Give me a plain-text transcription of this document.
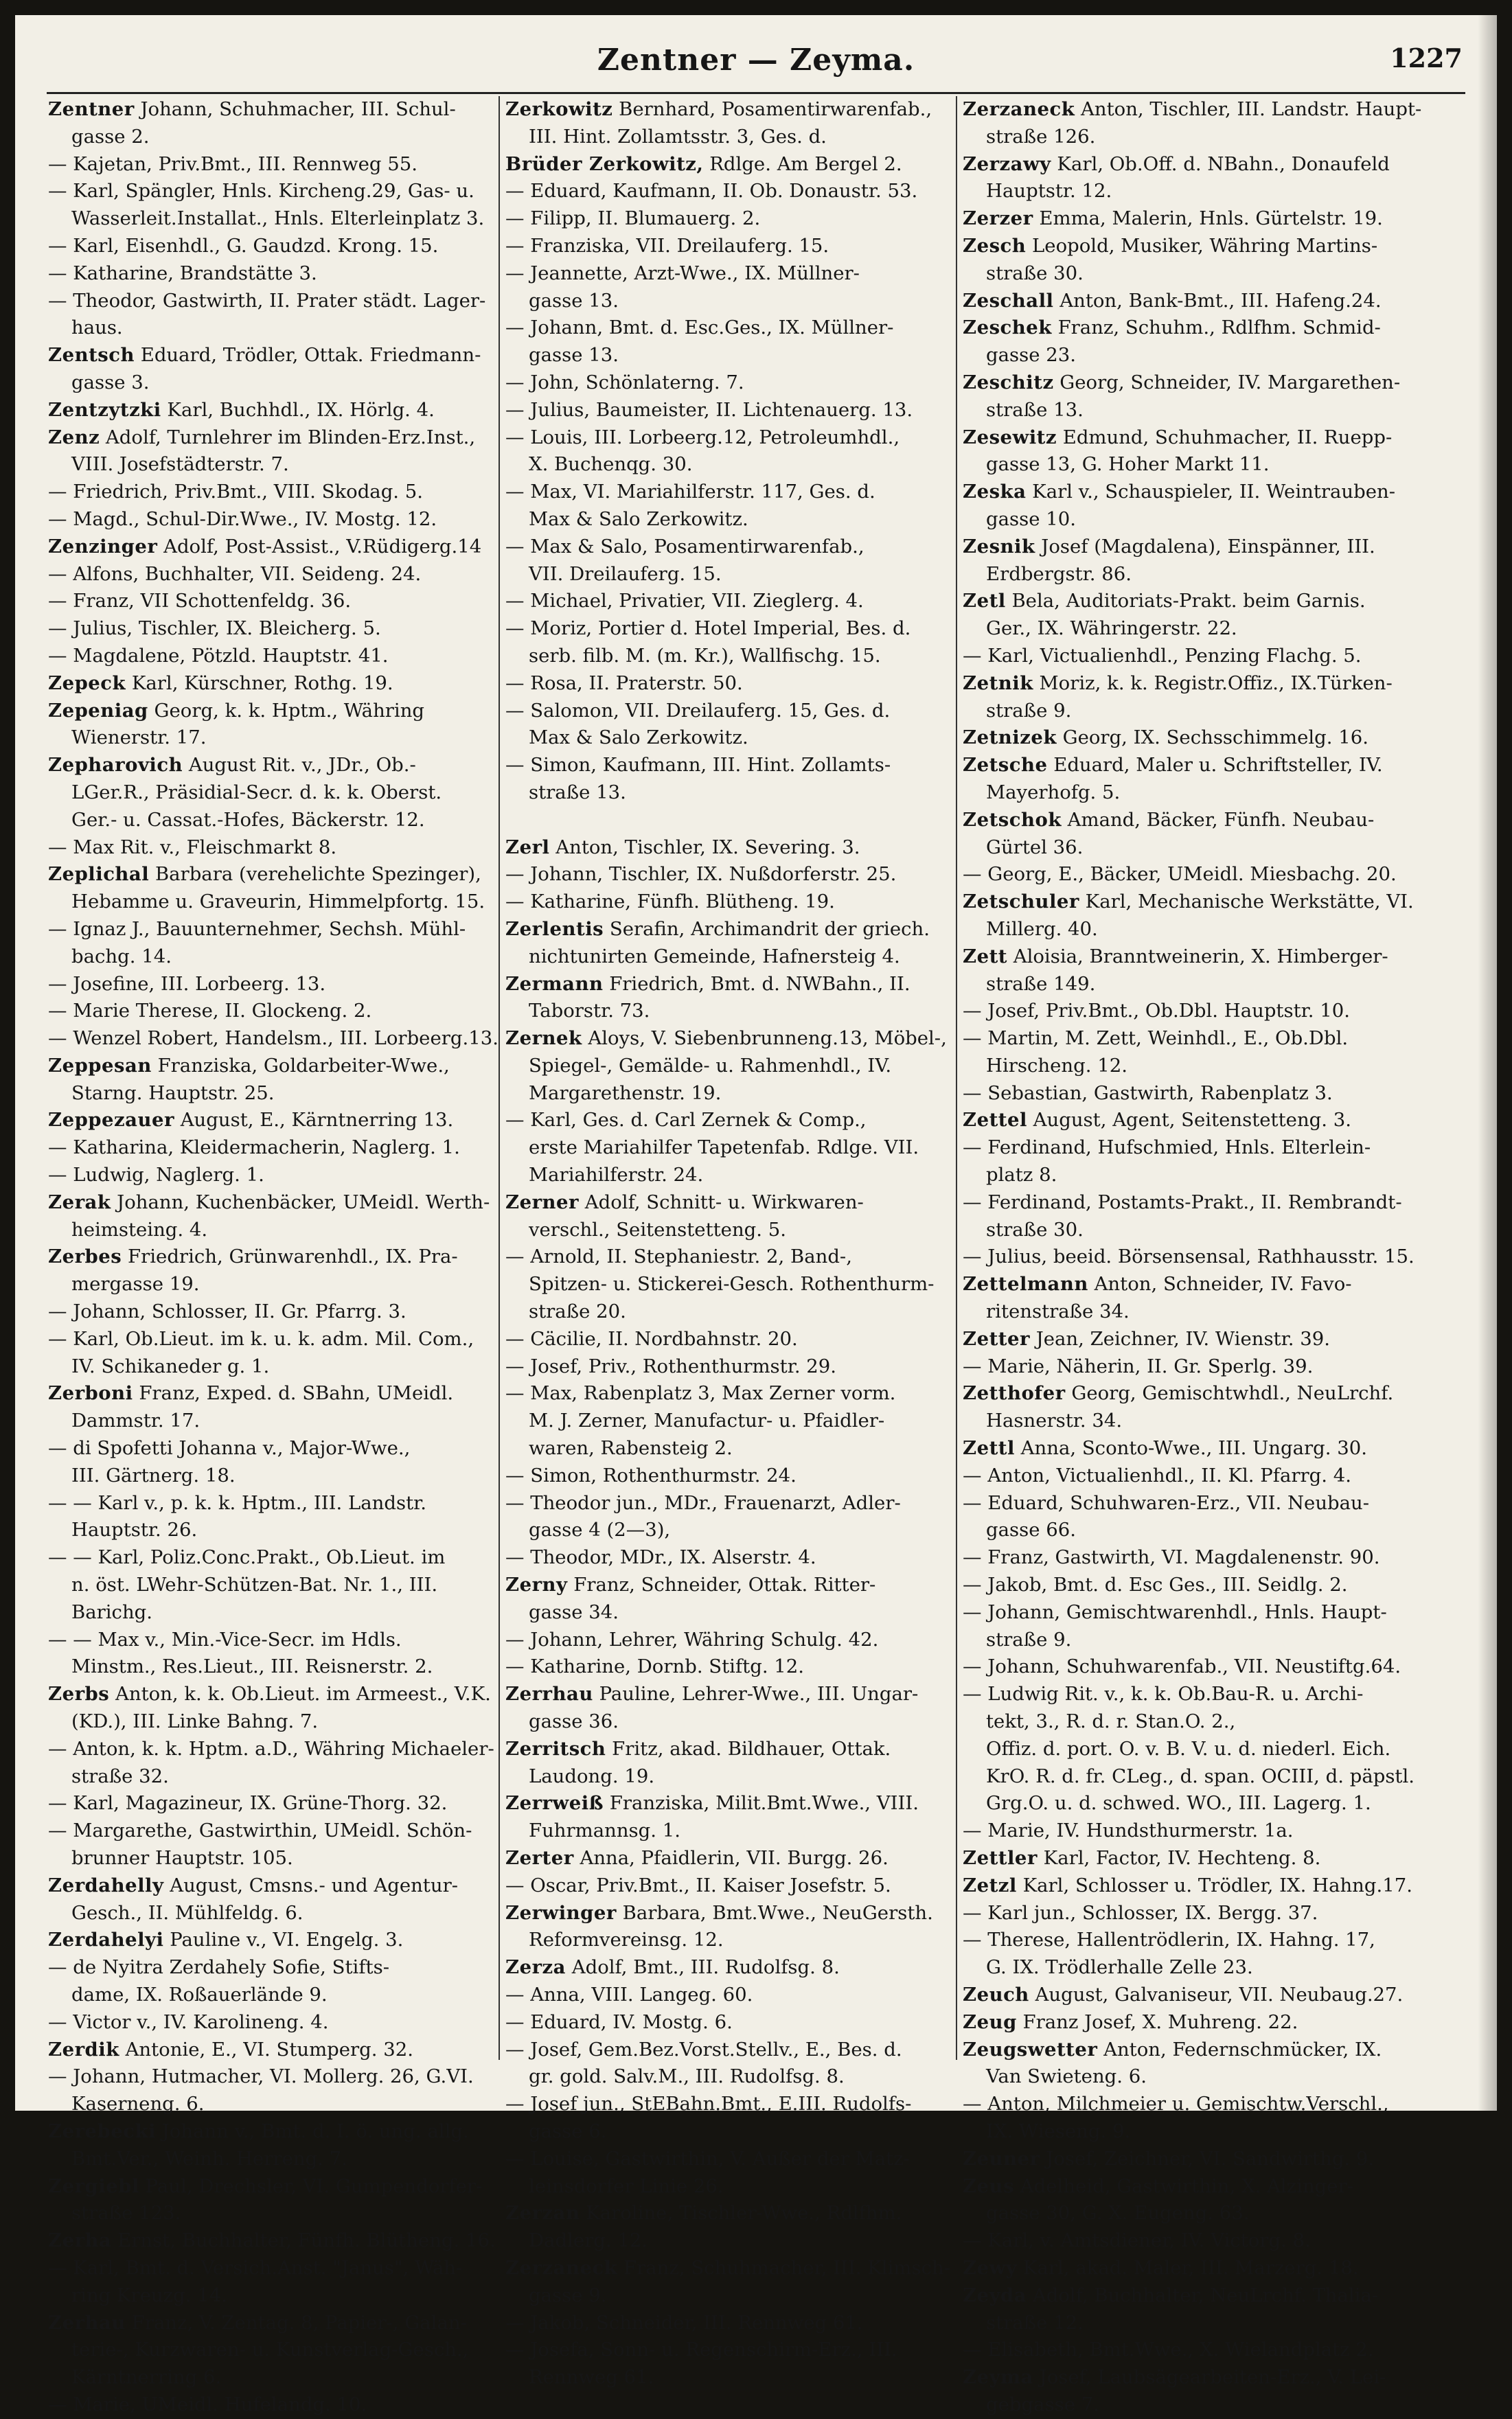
Zentner — Zeyma.	1227
Zentner Johann, Schuhmacher, III. Schul-
gasse 2.
— Kajetan, Priv.Bmt., III. Rennweg 55.
— Karl, Spängler, Hnls. Kircheng.29, Gas- u.
Wasserleit.Installat., Hnls. Elterleinplatz 3.
— Karl, Eisenhdl., G. Gaudzd. Krong. 15.
— Katharine, Brandstätte 3.
— Theodor, Gastwirth, II. Prater städt. Lager-
haus.
Zentsch Eduard, Trödler, Ottak. Friedmann-
gasse 3.
Zentzytzki Karl, Buchhdl., IX. Hörlg. 4.
Zenz Adolf, Turnlehrer im Blinden-Erz.Inst.,
VIII. Josefstädterstr. 7.
— Friedrich, Priv.Bmt., VIII. Skodag. 5.
— Magd., Schul-Dir.Wwe., IV. Mostg. 12.
Zenzinger Adolf, Post-Assist., V.Rüdigerg.14
— Alfons, Buchhalter, VII. Seideng. 24.
— Franz, VII Schottenfeldg. 36.
— Julius, Tischler, IX. Bleicherg. 5.
— Magdalene, Pötzld. Hauptstr. 41.
Zepeck Karl, Kürschner, Rothg. 19.
Zepeniag Georg, k. k. Hptm., Währing
Wienerstr. 17.
Zepharovich August Rit. v., JDr., Ob.-
LGer.R., Präsidial-Secr. d. k. k. Oberst.
Ger.- u. Cassat.-Hofes, Bäckerstr. 12.
— Max Rit. v., Fleischmarkt 8.
Zeplichal Barbara (verehelichte Spezinger),
Hebamme u. Graveurin, Himmelpfortg. 15.
— Ignaz J., Bauunternehmer, Sechsh. Mühl-
bachg. 14.
— Josefine, III. Lorbeerg. 13.
— Marie Therese, II. Glockeng. 2.
— Wenzel Robert, Handelsm., III. Lorbeerg.13.
Zeppesan Franziska, Goldarbeiter-Wwe.,
Starng. Hauptstr. 25.
Zeppezauer August, E., Kärntnerring 13.
— Katharina, Kleidermacherin, Naglerg. 1.
— Ludwig, Naglerg. 1.
Zerak Johann, Kuchenbäcker, UMeidl. Werth-
heimsteing. 4.
Zerbes Friedrich, Grünwarenhdl., IX. Pra-
mergasse 19.
— Johann, Schlosser, II. Gr. Pfarrg. 3.
— Karl, Ob.Lieut. im k. u. k. adm. Mil. Com.,
IV. Schikaneder g. 1.
Zerboni Franz, Exped. d. SBahn, UMeidl.
Dammstr. 17.
— di Spofetti Johanna v., Major-Wwe.,
III. Gärtnerg. 18.
— — Karl v., p. k. k. Hptm., III. Landstr.
Hauptstr. 26.
— — Karl, Poliz.Conc.Prakt., Ob.Lieut. im
n. öst. LWehr-Schützen-Bat. Nr. 1., III.
Barichg.
— — Max v., Min.-Vice-Secr. im Hdls.
Minstm., Res.Lieut., III. Reisnerstr. 2.
Zerbs Anton, k. k. Ob.Lieut. im Armeest., V.K.
(KD.), III. Linke Bahng. 7.
— Anton, k. k. Hptm. a.D., Währing Michaeler-
straße 32.
— Karl, Magazineur, IX. Grüne-Thorg. 32.
— Margarethe, Gastwirthin, UMeidl. Schön-
brunner Hauptstr. 105.
Zerdahelly August, Cmsns.- und Agentur-
Gesch., II. Mühlfeldg. 6.
Zerdahelyi Pauline v., VI. Engelg. 3.
— de Nyitra Zerdahely Sofie, Stifts-
dame, IX. Roßauerlände 9.
— Victor v., IV. Karolineng. 4.
Zerdik Antonie, E., VI. Stumperg. 32.
— Johann, Hutmacher, VI. Mollerg. 26, G.VI.
Kaserneng. 6.
Zerebecki Johann v., Bmt. d. I. ö. ung. allg.
Bmt.Ver., Weinh. Herreng. 7.
Zergiebl Paul, Drechsler, VI. Gumpendorfer-
straße 123.
Zerha Ernst, Buchhalter, Fünfh. Blütheng. 16.
— Karl, Bmt. d. Versich.Anst. "Janus", Wäh-
ring Kreuzg. 14.
Zerhau Franz, V. Zentag. 8, Papier-, Galan-
terie-, Kurzwaren- u. Kunstverlag-Gesch.,
Kärntnerring 6.
— Marie, UMeidl. Hufelandg. 10.
Zerkowitz Bernhard, Posamentirwarenfab.,
III. Hint. Zollamtsstr. 3, Ges. d.
Brüder Zerkowitz, Rdlge. Am Bergel 2.
— Eduard, Kaufmann, II. Ob. Donaustr. 53.
— Filipp, II. Blumauerg. 2.
— Franziska, VII. Dreilauferg. 15.
— Jeannette, Arzt-Wwe., IX. Müllner-
gasse 13.
— Johann, Bmt. d. Esc.Ges., IX. Müllner-
gasse 13.
— John, Schönlaterng. 7.
— Julius, Baumeister, II. Lichtenauerg. 13.
— Louis, III. Lorbeerg.12, Petroleumhdl.,
X. Buchenqg. 30.
— Max, VI. Mariahilferstr. 117, Ges. d.
Max & Salo Zerkowitz.
— Max & Salo, Posamentirwarenfab.,
VII. Dreilauferg. 15.
— Michael, Privatier, VII. Zieglerg. 4.
— Moriz, Portier d. Hotel Imperial, Bes. d.
serb. filb. M. (m. Kr.), Wallfischg. 15.
— Rosa, II. Praterstr. 50.
— Salomon, VII. Dreilauferg. 15, Ges. d.
Max & Salo Zerkowitz.
— Simon, Kaufmann, III. Hint. Zollamts-
straße 13.

Zerl Anton, Tischler, IX. Severing. 3.
— Johann, Tischler, IX. Nußdorferstr. 25.
— Katharine, Fünfh. Blütheng. 19.
Zerlentis Serafin, Archimandrit der griech.
nichtunirten Gemeinde, Hafnersteig 4.
Zermann Friedrich, Bmt. d. NWBahn., II.
Taborstr. 73.
Zernek Aloys, V. Siebenbrunneng.13, Möbel-,
Spiegel-, Gemälde- u. Rahmenhdl., IV.
Margarethenstr. 19.
— Karl, Ges. d. Carl Zernek & Comp.,
erste Mariahilfer Tapetenfab. Rdlge. VII.
Mariahilferstr. 24.
Zerner Adolf, Schnitt- u. Wirkwaren-
verschl., Seitenstetteng. 5.
— Arnold, II. Stephaniestr. 2, Band-,
Spitzen- u. Stickerei-Gesch. Rothenthurm-
straße 20.
— Cäcilie, II. Nordbahnstr. 20.
— Josef, Priv., Rothenthurmstr. 29.
— Max, Rabenplatz 3, Max Zerner vorm.
M. J. Zerner, Manufactur- u. Pfaidler-
waren, Rabensteig 2.
— Simon, Rothenthurmstr. 24.
— Theodor jun., MDr., Frauenarzt, Adler-
gasse 4 (2—3),
— Theodor, MDr., IX. Alserstr. 4.
Zerny Franz, Schneider, Ottak. Ritter-
gasse 34.
— Johann, Lehrer, Währing Schulg. 42.
— Katharine, Dornb. Stiftg. 12.
Zerrhau Pauline, Lehrer-Wwe., III. Ungar-
gasse 36.
Zerritsch Fritz, akad. Bildhauer, Ottak.
Laudong. 19.
Zerrweiß Franziska, Milit.Bmt.Wwe., VIII.
Fuhrmannsg. 1.
Zerter Anna, Pfaidlerin, VII. Burgg. 26.
— Oscar, Priv.Bmt., II. Kaiser Josefstr. 5.
Zerwinger Barbara, Bmt.Wwe., NeuGersth.
Reformvereinsg. 12.
Zerza Adolf, Bmt., III. Rudolfsg. 8.
— Anna, VIII. Langeg. 60.
— Eduard, IV. Mostg. 6.
— Josef, Gem.Bez.Vorst.Stellv., E., Bes. d.
gr. gold. Salv.M., III. Rudolfsg. 8.
— Josef jun., StEBahn.Bmt., E.III. Rudolfs-
gasse 6.
— Louise, Gastwirthin, V. Außer der Matz-
leinsdorfer Linie 26.
Zerzan Karoline, Tischler-Wwe., Rdlfhm.
Dadlerg. 12.
Zerzaneck Franz, Schuhmacher, III. Klimsch-
gasse 9.
— Jakob, Schneider, III. Rennweg 61.
— Josefa, Sonn- u. Regenschirm-Erz., III.
Rennweg 61.
Zerzaneck Anton, Tischler, III. Landstr. Haupt-
straße 126.
Zerzawy Karl, Ob.Off. d. NBahn., Donaufeld
Hauptstr. 12.
Zerzer Emma, Malerin, Hnls. Gürtelstr. 19.
Zesch Leopold, Musiker, Währing Martins-
straße 30.
Zeschall Anton, Bank-Bmt., III. Hafeng.24.
Zeschek Franz, Schuhm., Rdlfhm. Schmid-
gasse 23.
Zeschitz Georg, Schneider, IV. Margarethen-
straße 13.
Zesewitz Edmund, Schuhmacher, II. Ruepp-
gasse 13, G. Hoher Markt 11.
Zeska Karl v., Schauspieler, II. Weintrauben-
gasse 10.
Zesnik Josef (Magdalena), Einspänner, III.
Erdbergstr. 86.
Zetl Bela, Auditoriats-Prakt. beim Garnis.
Ger., IX. Währingerstr. 22.
— Karl, Victualienhdl., Penzing Flachg. 5.
Zetnik Moriz, k. k. Registr.Offiz., IX.Türken-
straße 9.
Zetnizek Georg, IX. Sechsschimmelg. 16.
Zetsche Eduard, Maler u. Schriftsteller, IV.
Mayerhofg. 5.
Zetschok Amand, Bäcker, Fünfh. Neubau-
Gürtel 36.
— Georg, E., Bäcker, UMeidl. Miesbachg. 20.
Zetschuler Karl, Mechanische Werkstätte, VI.
Millerg. 40.
Zett Aloisia, Branntweinerin, X. Himberger-
straße 149.
— Josef, Priv.Bmt., Ob.Dbl. Hauptstr. 10.
— Martin, M. Zett, Weinhdl., E., Ob.Dbl.
Hirscheng. 12.
— Sebastian, Gastwirth, Rabenplatz 3.
Zettel August, Agent, Seitenstetteng. 3.
— Ferdinand, Hufschmied, Hnls. Elterlein-
platz 8.
— Ferdinand, Postamts-Prakt., II. Rembrandt-
straße 30.
— Julius, beeid. Börsensensal, Rathhausstr. 15.
Zettelmann Anton, Schneider, IV. Favo-
ritenstraße 34.
Zetter Jean, Zeichner, IV. Wienstr. 39.
— Marie, Näherin, II. Gr. Sperlg. 39.
Zetthofer Georg, Gemischtwhdl., NeuLrchf.
Hasnerstr. 34.
Zettl Anna, Sconto-Wwe., III. Ungarg. 30.
— Anton, Victualienhdl., II. Kl. Pfarrg. 4.
— Eduard, Schuhwaren-Erz., VII. Neubau-
gasse 66.
— Franz, Gastwirth, VI. Magdalenenstr. 90.
— Jakob, Bmt. d. Esc Ges., III. Seidlg. 2.
— Johann, Gemischtwarenhdl., Hnls. Haupt-
straße 9.
— Johann, Schuhwarenfab., VII. Neustiftg.64.
— Ludwig Rit. v., k. k. Ob.Bau-R. u. Archi-
tekt, 3., R. d. r. Stan.O. 2.,
Offiz. d. port. O. v. B. V. u. d. niederl. Eich.
KrO. R. d. fr. CLeg., d. span. OCIII, d. päpstl.
Grg.O. u. d. schwed. WO., III. Lagerg. 1.
— Marie, IV. Hundsthurmerstr. 1a.
Zettler Karl, Factor, IV. Hechteng. 8.
Zetzl Karl, Schlosser u. Trödler, IX. Hahng.17.
— Karl jun., Schlosser, IX. Bergg. 37.
— Therese, Hallentrödlerin, IX. Hahng. 17,
G. IX. Trödlerhalle Zelle 23.
Zeuch August, Galvaniseur, VII. Neubaug.27.
Zeug Franz Josef, X. Muhreng. 22.
Zeugswetter Anton, Federnschmücker, IX.
Van Swieteng. 6.
— Anton, Milchmeier u. Gemischtw.Verschl.,
IX. Wieseng. 9.
Zeuner Josef, Zeichner, VI. Sandwirthg. 9.
Zeus Adelheid, Gastwirthin, X. Alzinger-
gasse 30, G. X. Eugeng. 63.
— Karl, v. Amtsdiener, IV. Victorg. 8.
Zewy Karl, akad. Maler, III. Marzerg. 18.
Zeyda Adolf, Buchhalter, NeuLrchf. Thalia-
straße 12.
— Elisabeth, Bmt.Wwe., X. Wielandplatz 2.
Zeyma Josef, Laubsägearbeiten-Erz., V. Lei-
gebgasse 7.
